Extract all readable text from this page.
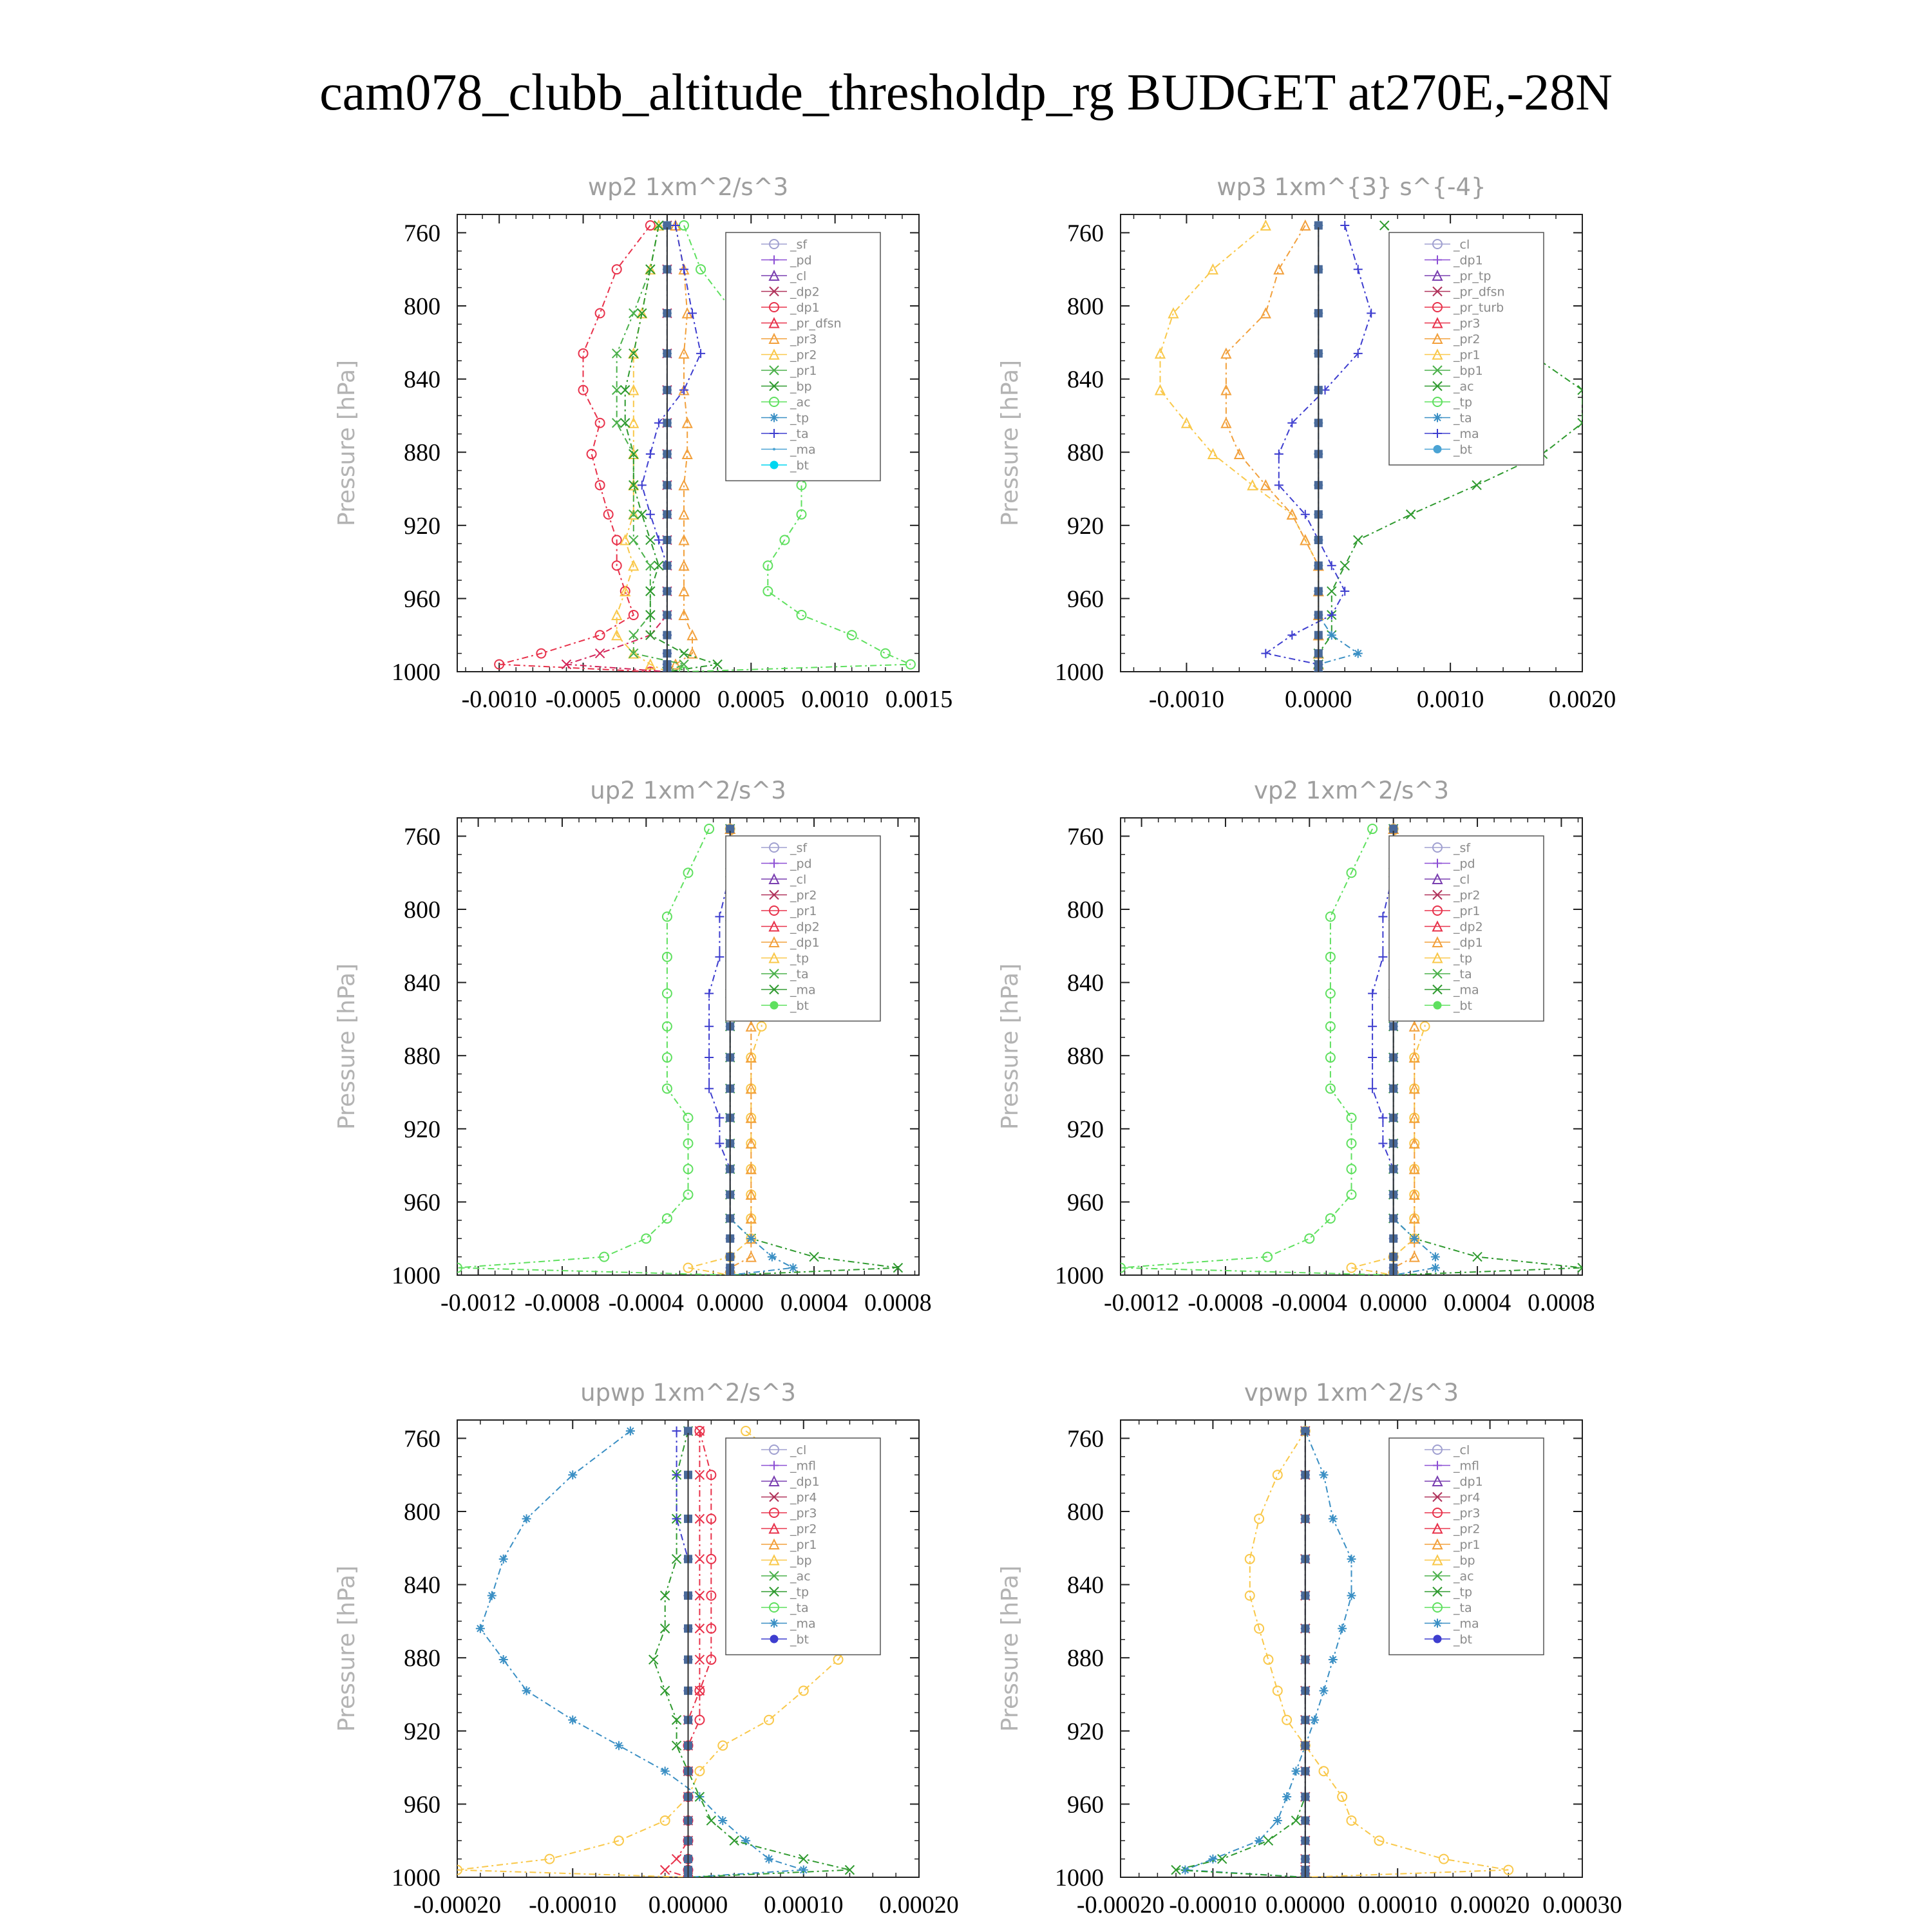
cam078_clubb_altitude_thresholdp_rg BUDGET at270E,-28N
wp2 1xm^2/s^3
Pressure [hPa]
760
800
840
880
920
960
1000
-0.0010 -0.0005 0.0000 0.0005 0.0010 0.0015
_sf
_pd
_cl
_dp2
_dp1
_pr_dfsn
_pr3
_pr2
_pr1
_bp
_ac
_tp
_ta
_ma
_bt
wp3 1xm^{3} s^{-4}
Pressure [hPa]
760
800
840
880
920
960
1000
-0.0010 0.0000	0.0010	0.0020
_cl
_dp1
_pr_tp
_pr_dfsn
_pr_turb
_pr3
_pr2
_pr1
_bp1
_ac
_tp
_ta
_ma
_bt
up2 1xm^2/s^3
Pressure [hPa]
760
800
840
880
920
960
1000
-0.0012 -0.0008 -0.0004 0.0000 0.0004 0.0008
_sf
_pd
_cl
_pr2
_pr1
_dp2
_dp1
_tp
_ta
_ma
_bt
vp2 1xm^2/s^3
Pressure [hPa]
760
800
840
880
920
960
1000
-0.0012 -0.0008 -0.0004 0.0000 0.0004 0.0008
_sf
_pd
_cl
_pr2
_pr1
_dp2
_dp1
_tp
_ta
_ma
_bt
upwp 1xm^2/s^3
Pressure [hPa]
760
800
840
880
920
960
1000
-0.00020 -0.00010 0.00000 0.00010 0.00020
_cl
_mfl
_dp1
_pr4
_pr3
_pr2
_pr1
_bp
_ac
_tp
_ta
_ma
_bt
vpwp 1xm^2/s^3
Pressure [hPa]
760
800
840
880
920
960
1000
-0.00020 -0.00010 0.00000 0.00010 0.00020 0.00030
_cl
_mfl
_dp1
_pr4
_pr3
_pr2
_pr1
_bp
_ac
_tp
_ta
_ma
_bt
